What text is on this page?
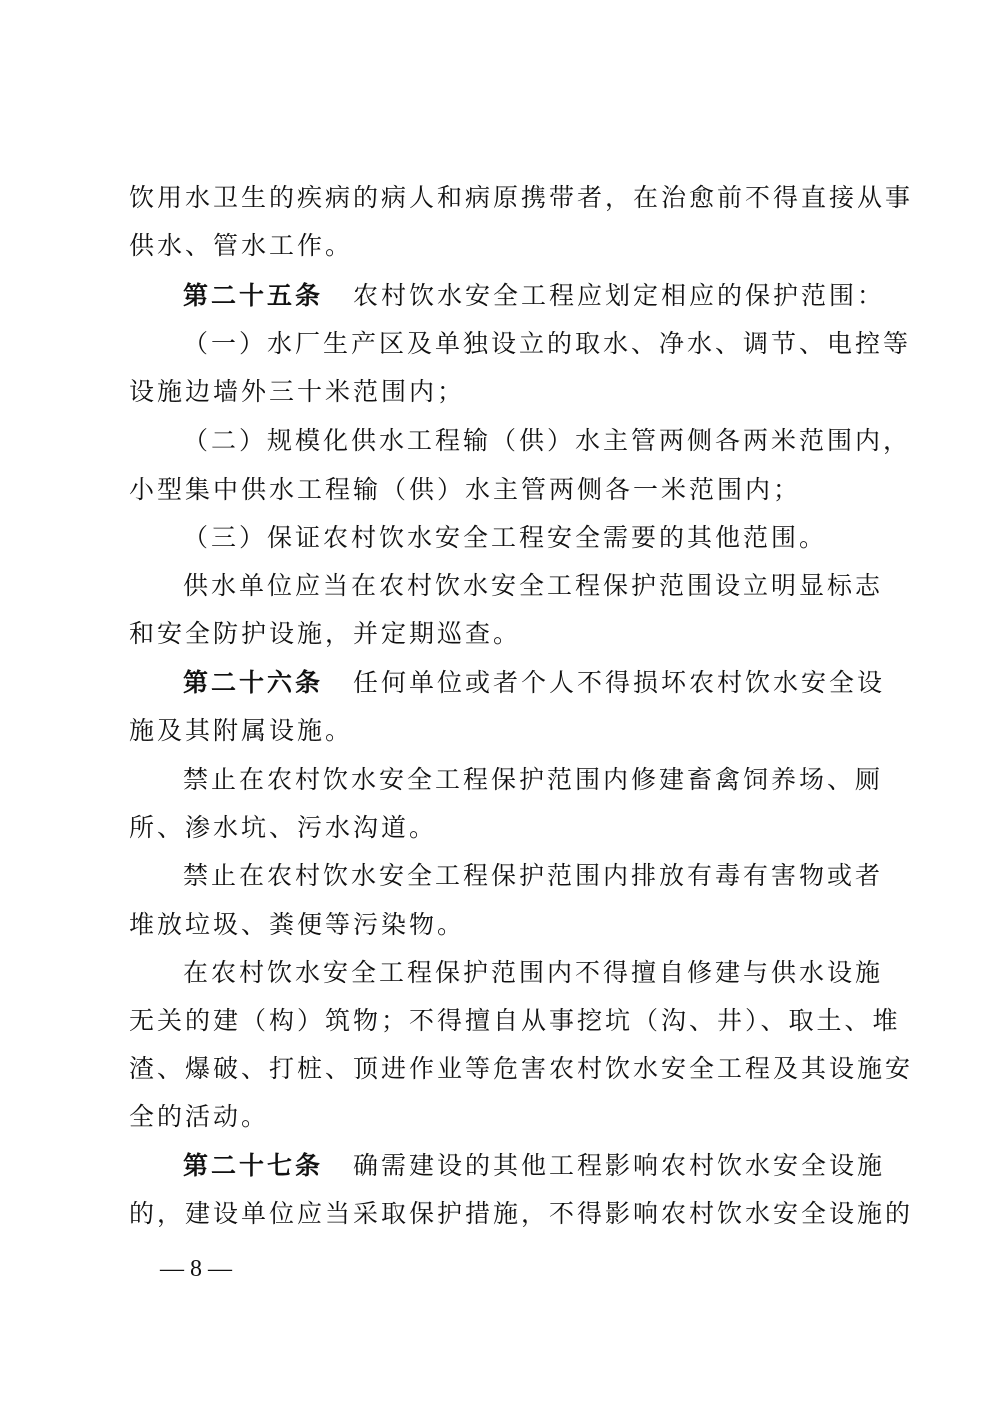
饮用水卫生的疾病的病人和病原携带者，在治愈前不得直接从事
供水、管水工作。
第二十五条 农村饮水安全工程应划定相应的保护范围：
（一）水厂生产区及单独设立的取水、净水、调节、电控等
设施边墙外三十米范围内；
（二）规模化供水工程输（供）水主管两侧各两米范围内，
小型集中供水工程输（供）水主管两侧各一米范围内；
（三）保证农村饮水安全工程安全需要的其他范围。
供水单位应当在农村饮水安全工程保护范围设立明显标志
和安全防护设施，并定期巡查。
第二十六条 任何单位或者个人不得损坏农村饮水安全设
施及其附属设施。
禁止在农村饮水安全工程保护范围内修建畜禽饲养场、厕
所、渗水坑、污水沟道。
禁止在农村饮水安全工程保护范围内排放有毒有害物或者
堆放垃圾、粪便等污染物。
在农村饮水安全工程保护范围内不得擅自修建与供水设施
无关的建（构）筑物；不得擅自从事挖坑（沟、井）、取土、堆
渣、爆破、打桩、顶进作业等危害农村饮水安全工程及其设施安
全的活动。
第二十七条 确需建设的其他工程影响农村饮水安全设施
的，建设单位应当采取保护措施，不得影响农村饮水安全设施的
— 8 —
